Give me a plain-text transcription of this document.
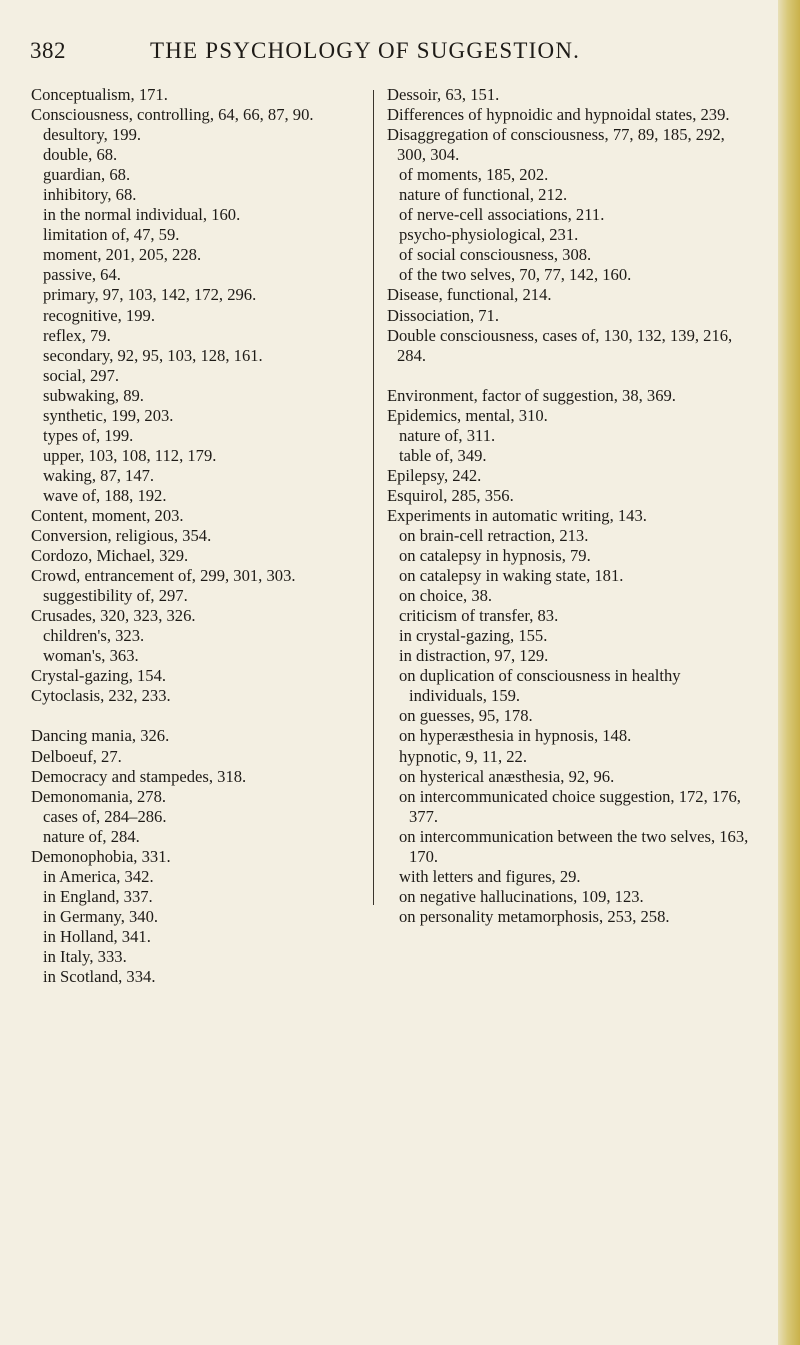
382	THE PSYCHOLOGY OF SUGGESTION.
Conceptualism, 171.
Consciousness, controlling, 64, 66, 87, 90.
desultory, 199.
double, 68.
guardian, 68.
inhibitory, 68.
in the normal individual, 160.
limitation of, 47, 59.
moment, 201, 205, 228.
passive, 64.
primary, 97, 103, 142, 172, 296.
recognitive, 199.
reflex, 79.
secondary, 92, 95, 103, 128, 161.
social, 297.
subwaking, 89.
synthetic, 199, 203.
types of, 199.
upper, 103, 108, 112, 179.
waking, 87, 147.
wave of, 188, 192.
Content, moment, 203.
Conversion, religious, 354.
Cordozo, Michael, 329.
Crowd, entrancement of, 299, 301, 303.
suggestibility of, 297.
Crusades, 320, 323, 326.
children's, 323.
woman's, 363.
Crystal-gazing, 154.
Cytoclasis, 232, 233.
Dancing mania, 326.
Delboeuf, 27.
Democracy and stampedes, 318.
Demonomania, 278.
cases of, 284–286.
nature of, 284.
Demonophobia, 331.
in America, 342.
in England, 337.
in Germany, 340.
in Holland, 341.
in Italy, 333.
in Scotland, 334.
Dessoir, 63, 151.
Differences of hypnoidic and hypnoidal states, 239.
Disaggregation of consciousness, 77, 89, 185, 292, 300, 304.
of moments, 185, 202.
nature of functional, 212.
of nerve-cell associations, 211.
psycho-physiological, 231.
of social consciousness, 308.
of the two selves, 70, 77, 142, 160.
Disease, functional, 214.
Dissociation, 71.
Double consciousness, cases of, 130, 132, 139, 216, 284.
Environment, factor of suggestion, 38, 369.
Epidemics, mental, 310.
nature of, 311.
table of, 349.
Epilepsy, 242.
Esquirol, 285, 356.
Experiments in automatic writing, 143.
on brain-cell retraction, 213.
on catalepsy in hypnosis, 79.
on catalepsy in waking state, 181.
on choice, 38.
criticism of transfer, 83.
in crystal-gazing, 155.
in distraction, 97, 129.
on duplication of consciousness in healthy individuals, 159.
on guesses, 95, 178.
on hyperæsthesia in hypnosis, 148.
hypnotic, 9, 11, 22.
on hysterical anæsthesia, 92, 96.
on intercommunicated choice suggestion, 172, 176, 377.
on intercommunication between the two selves, 163, 170.
with letters and figures, 29.
on negative hallucinations, 109, 123.
on personality metamorphosis, 253, 258.
